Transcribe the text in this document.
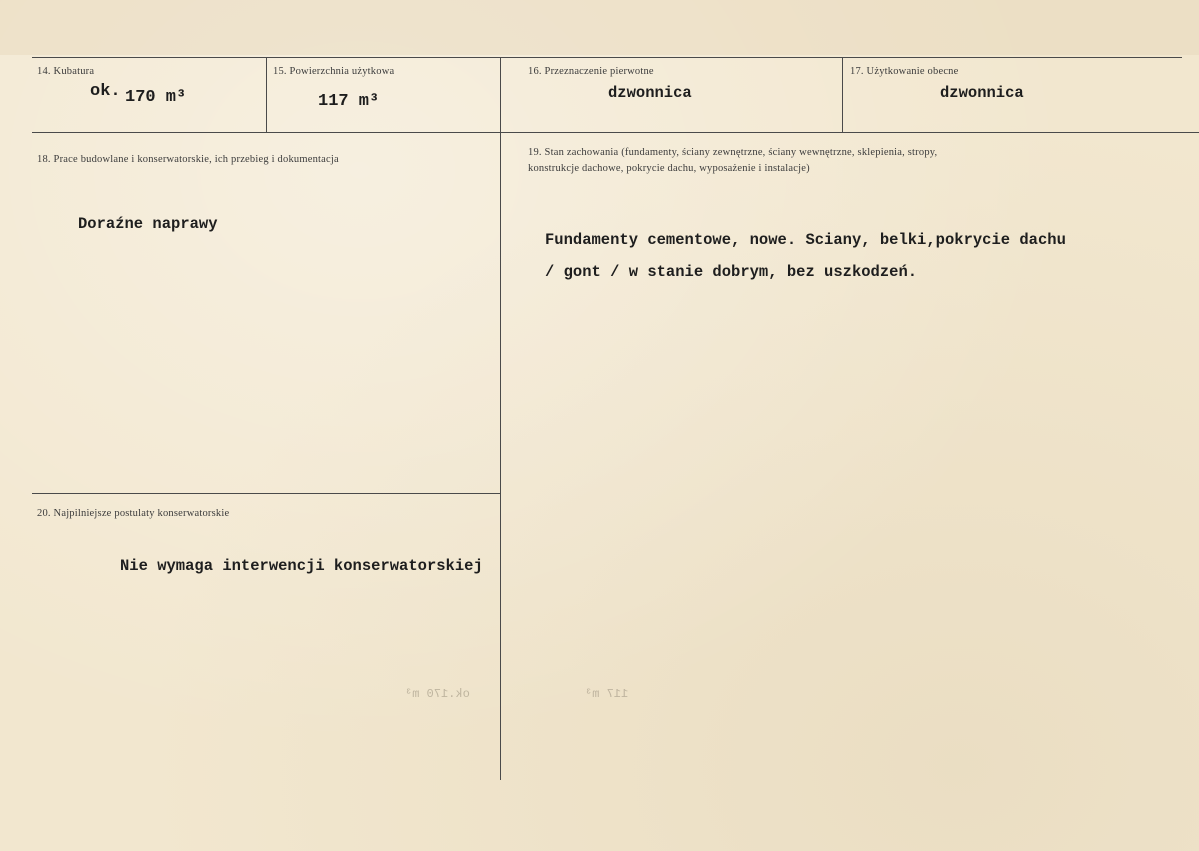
14. Kubatura
ok. 170 m³
15. Powierzchnia użytkowa
117 m³
16. Przeznaczenie pierwotne
dzwonnica
17. Użytkowanie obecne
dzwonnica
18. Prace budowlane i konserwatorskie, ich przebieg i dokumentacja
Doraźne naprawy
19. Stan zachowania (fundamenty, ściany zewnętrzne, ściany wewnętrzne, sklepienia, stropy,
konstrukcje dachowe, pokrycie dachu, wyposażenie i instalacje)
Fundamenty cementowe, nowe. Sciany, belki,pokrycie dachu
/ gont / w stanie dobrym, bez uszkodzeń.
20. Najpilniejsze postulaty konserwatorskie
Nie wymaga interwencji konserwatorskiej
ok.170 m³	117 m³
